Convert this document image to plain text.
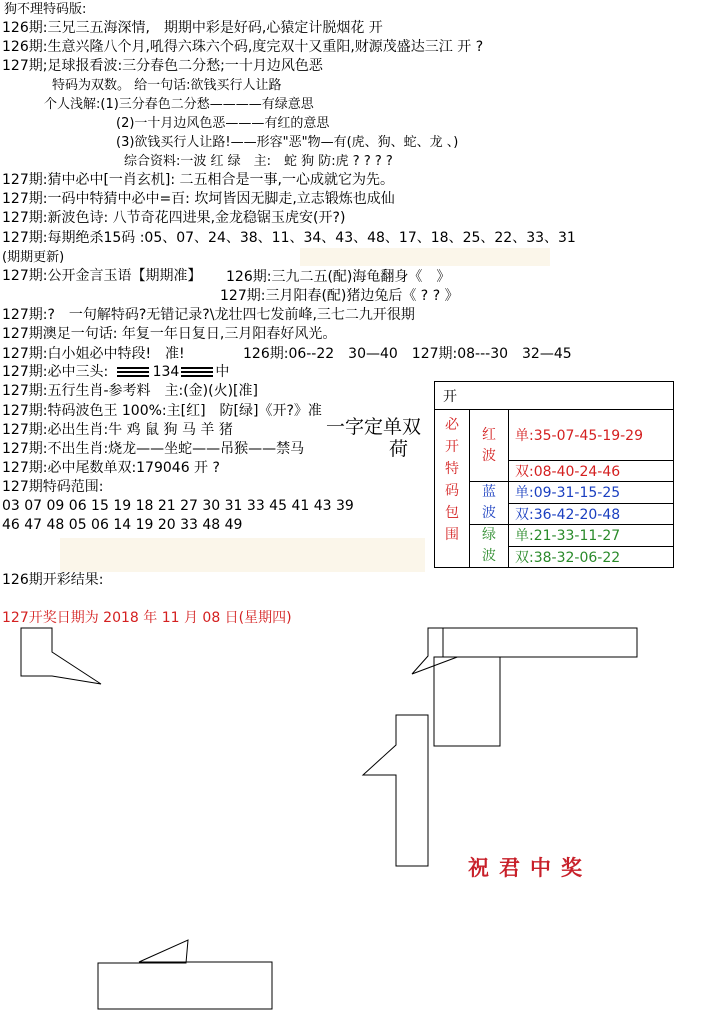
狗不理特码版:
126期:三兄三五海深情,　期期中彩是好码,心猿定计脱烟花 开
126期:生意兴隆八个月,吼得六珠六个码,度完双十又重阳,财源茂盛达三江 开 ?
127期;足球报看波:三分春色二分愁;一十月边风色恶
特码为双数。 给一句话:欲钱买行人让路
个人浅解:(1)三分春色二分愁————有绿意思
(2)一十月边风色恶———有红的意思
(3)欲钱买行人让路!——形容"恶"物—有(虎、狗、蛇、龙 、)
综合资料:一波 红 绿　主:　蛇 狗 防:虎 ? ? ? ?
127期:猜中必中[一肖玄机]: 二五相合是一事,一心成就它为先。
127期:一码中特猜中必中=百: 坎坷皆因无脚走,立志锻炼也成仙
127期:新波色诗: 八节奇花四进果,金龙稳锯玉虎安(开?)
127期:每期绝杀15码 :05、07、24、38、11、34、43、48、17、18、25、22、33、31
(期期更新)
127期:公开金言玉语【期期准】 126期:三九二五(配)海龟翻身《　》
127期:三月阳春(配)猪边兔后《 ? ? 》
127期:?　一句解特码?无错记录?\龙壮四七发前峰,三七二九开很期
127期澳足一句话: 年复一年日复日,三月阳春好风光。
127期:白小姐必中特段!　准!	126期:06--22　30—40　127期:08---30　32—45
127期:必中三头:	134	中
127期:五行生肖-参考料　主:(金)(火)[准]
127期:特码波色王 100%:主[红]　防[绿]《开?》准
127期:必出生肖:牛 鸡 鼠 狗 马 羊 猪
127期:不出生肖:烧龙——坐蛇——吊猴——禁马
127期:必中尾数单双:179046 开 ?
127期特码范围:
03 07 09 06 15 19 18 21 27 30 31 33 45 41 43 39
46 47 48 05 06 14 19 20 33 48 49
一字定单双
荷
开		

必开特码包围	红波	单:35-07-45-19-29
		双:08-40-24-46

	蓝波	单:09-31-15-25
		双:36-42-20-48

	绿波	单:21-33-11-27
		双:38-32-06-22
126期开彩结果:
127开奖日期为 2018 年 11 月 08 日(星期四)
祝君中奖
